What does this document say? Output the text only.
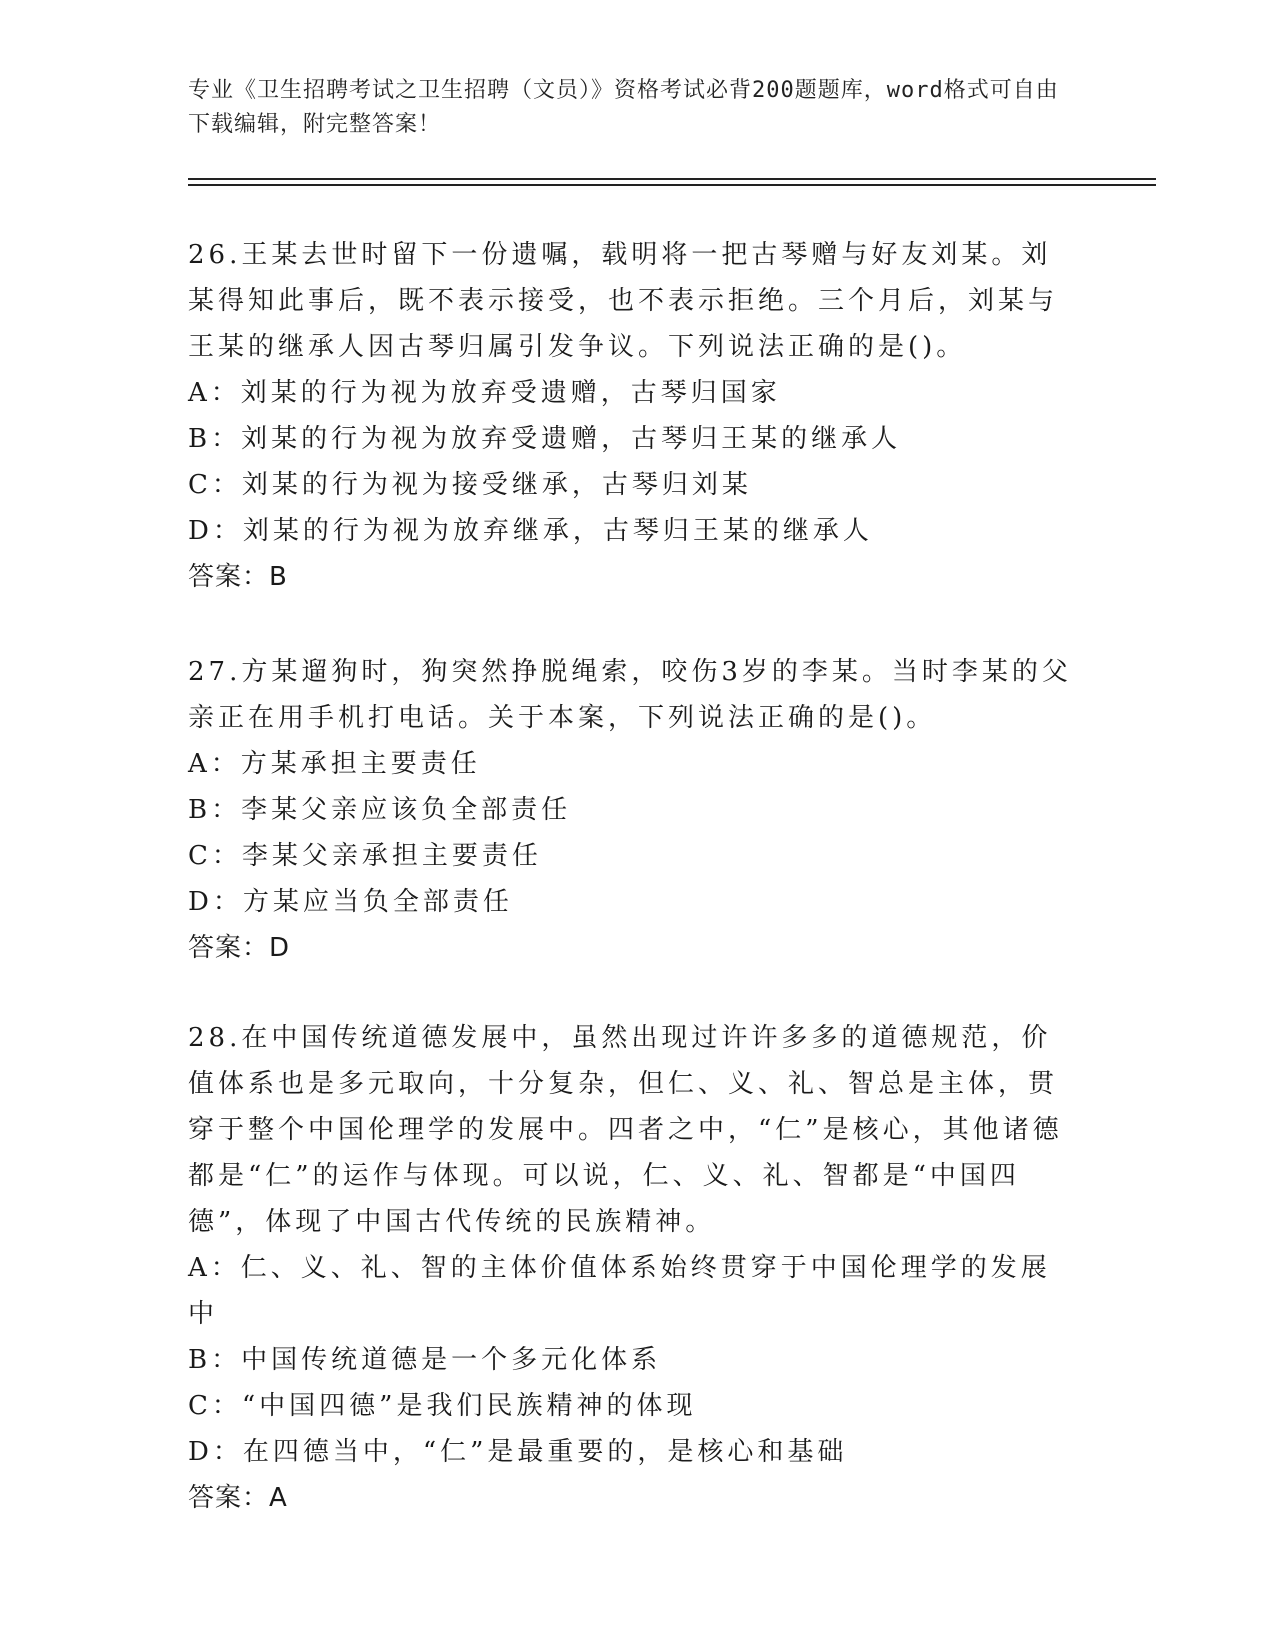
专业《卫生招聘考试之卫生招聘（文员）》资格考试必背200题题库，word格式可自由下载编辑，附完整答案！

26.王某去世时留下一份遗嘱，载明将一把古琴赠与好友刘某。刘某得知此事后，既不表示接受，也不表示拒绝。三个月后，刘某与王某的继承人因古琴归属引发争议。下列说法正确的是()。

A：刘某的行为视为放弃受遗赠，古琴归国家

B：刘某的行为视为放弃受遗赠，古琴归王某的继承人

C：刘某的行为视为接受继承，古琴归刘某

D：刘某的行为视为放弃继承，古琴归王某的继承人

答案：B

27.方某遛狗时，狗突然挣脱绳索，咬伤3岁的李某。当时李某的父亲正在用手机打电话。关于本案，下列说法正确的是()。

A：方某承担主要责任

B：李某父亲应该负全部责任

C：李某父亲承担主要责任

D：方某应当负全部责任

答案：D

28.在中国传统道德发展中，虽然出现过许许多多的道德规范，价值体系也是多元取向，十分复杂，但仁、义、礼、智总是主体，贯穿于整个中国伦理学的发展中。四者之中，“仁”是核心，其他诸德都是“仁”的运作与体现。可以说，仁、义、礼、智都是“中国四德”，体现了中国古代传统的民族精神。

A：仁、义、礼、智的主体价值体系始终贯穿于中国伦理学的发展中

B：中国传统道德是一个多元化体系

C：“中国四德”是我们民族精神的体现

D：在四德当中，“仁”是最重要的，是核心和基础

答案：A
